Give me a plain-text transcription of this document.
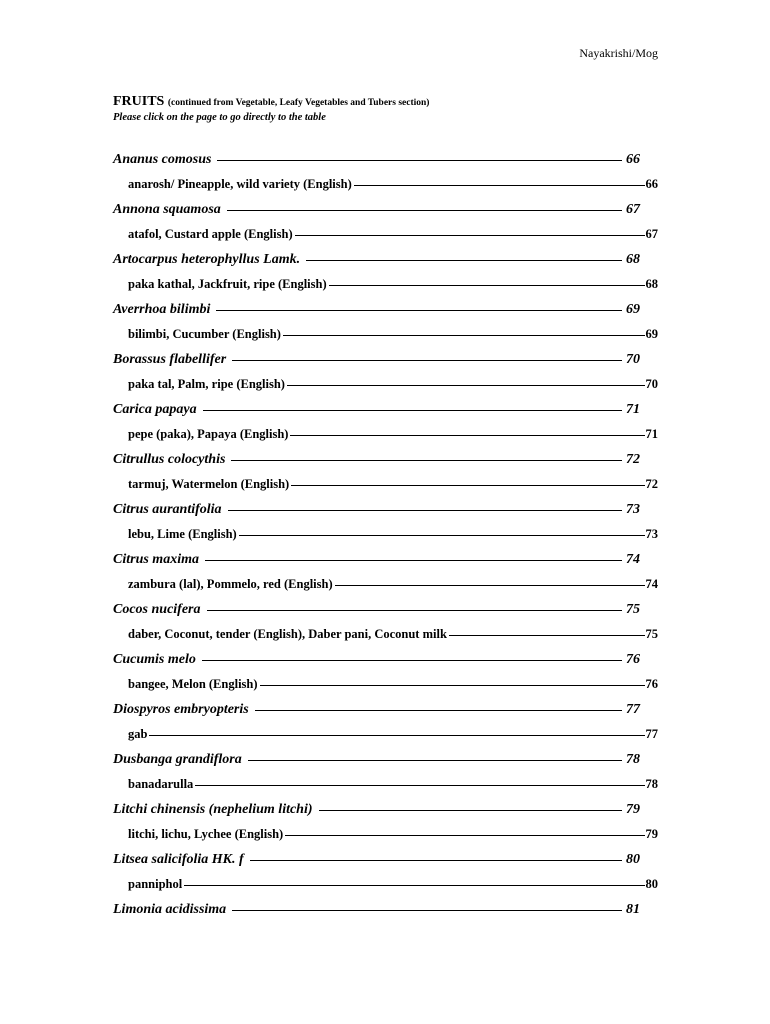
Nayakrishi/Mog
FRUITS (continued from Vegetable, Leafy Vegetables and Tubers section)
Please click on the page to go directly to the table
Ananus comosus	66
anarosh/ Pineapple, wild variety (English)	66
Annona squamosa	67
atafol, Custard apple (English)	67
Artocarpus heterophyllus Lamk.	68
paka kathal, Jackfruit, ripe (English)	68
Averrhoa bilimbi	69
bilimbi, Cucumber (English)	69
Borassus flabellifer	70
paka tal, Palm, ripe (English)	70
Carica papaya	71
pepe (paka), Papaya (English)	71
Citrullus colocythis	72
tarmuj, Watermelon (English)	72
Citrus aurantifolia	73
lebu, Lime (English)	73
Citrus maxima	74
zambura (lal), Pommelo, red (English)	74
Cocos nucifera	75
daber, Coconut, tender (English), Daber pani, Coconut milk	75
Cucumis melo	76
bangee, Melon (English)	76
Diospyros embryopteris	77
gab	77
Dusbanga grandiflora	78
banadarulla	78
Litchi chinensis (nephelium litchi)	79
litchi, lichu, Lychee (English)	79
Litsea salicifolia HK. f	80
panniphol	80
Limonia acidissima	81
